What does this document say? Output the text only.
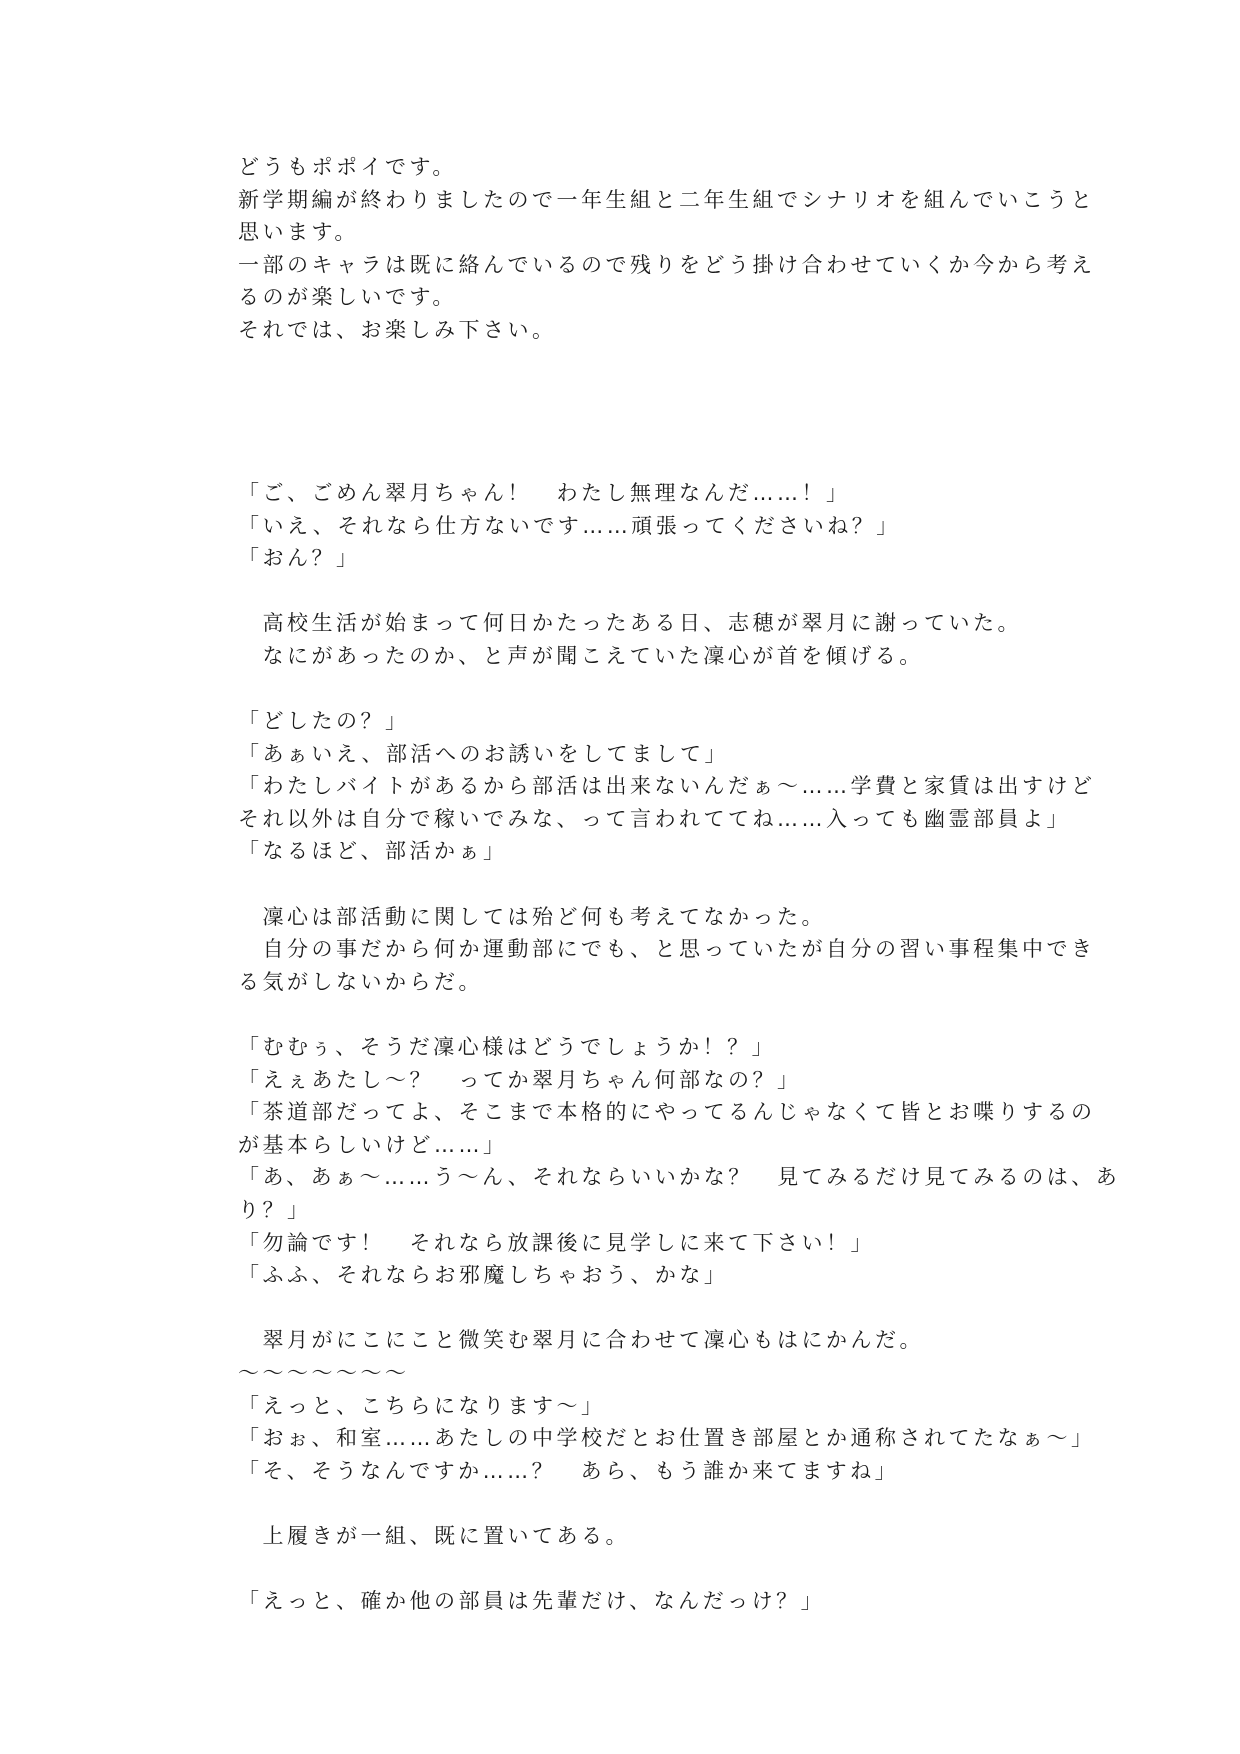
どうもポポイです。
新学期編が終わりましたので一年生組と二年生組でシナリオを組んでいこうと
思います。
一部のキャラは既に絡んでいるので残りをどう掛け合わせていくか今から考え
るのが楽しいです。
それでは、お楽しみ下さい。
「ご、ごめん翠月ちゃん！　わたし無理なんだ……！」
「いえ、それなら仕方ないです……頑張ってくださいね？」
「おん？」
　高校生活が始まって何日かたったある日、志穂が翠月に謝っていた。
　なにがあったのか、と声が聞こえていた凜心が首を傾げる。
「どしたの？」
「あぁいえ、部活へのお誘いをしてまして」
「わたしバイトがあるから部活は出来ないんだぁ〜……学費と家賃は出すけど
それ以外は自分で稼いでみな、って言われててね……入っても幽霊部員よ」
「なるほど、部活かぁ」
　凜心は部活動に関しては殆ど何も考えてなかった。
　自分の事だから何か運動部にでも、と思っていたが自分の習い事程集中でき
る気がしないからだ。
「むむぅ、そうだ凜心様はどうでしょうか！？」
「えぇあたし〜？　ってか翠月ちゃん何部なの？」
「茶道部だってよ、そこまで本格的にやってるんじゃなくて皆とお喋りするの
が基本らしいけど……」
「あ、あぁ〜……う〜ん、それならいいかな？　見てみるだけ見てみるのは、あ
り？」
「勿論です！　それなら放課後に見学しに来て下さい！」
「ふふ、それならお邪魔しちゃおう、かな」
　翠月がにこにこと微笑む翠月に合わせて凜心もはにかんだ。
〜〜〜〜〜〜〜
「えっと、こちらになります〜」
「おぉ、和室……あたしの中学校だとお仕置き部屋とか通称されてたなぁ〜」
「そ、そうなんですか……？　あら、もう誰か来てますね」
　上履きが一組、既に置いてある。
「えっと、確か他の部員は先輩だけ、なんだっけ？」
